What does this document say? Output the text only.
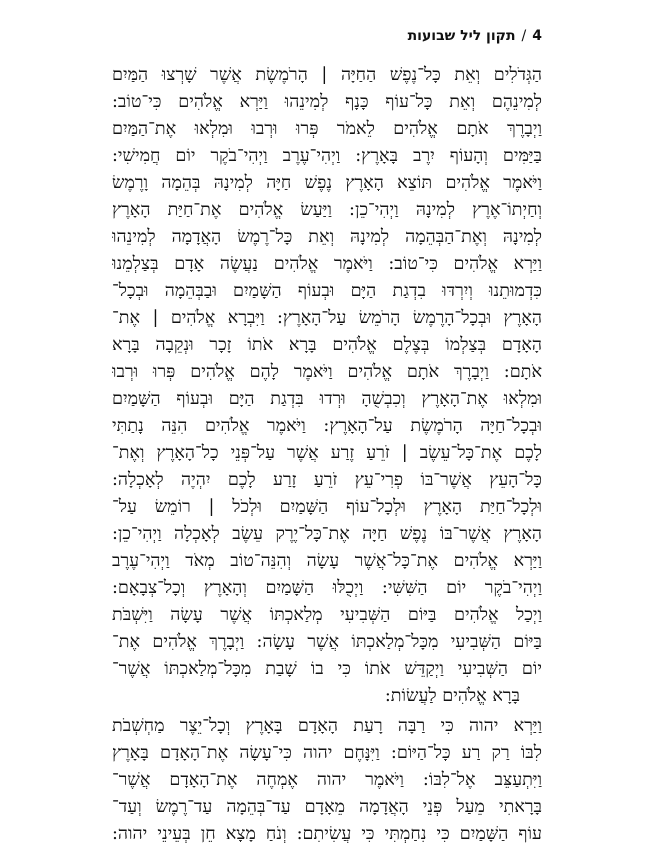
4
/
תקון ליל שבועות
הַגְּדֹלִים וְאֵת כָּל־נֶפֶשׁ הַחַיָּה | הָרֹמֶשֶׂת אֲשֶׁר שָׁרְצוּ הַמַּיִם
לְמִינֵהֶם וְאֵת כָּל־עוֹף כָּנָף לְמִינֵהוּ וַיַּרְא אֱלֹהִים כִּי־טוֹב:
וַיְבָרֶךְ אֹתָם אֱלֹהִים לֵאמֹר פְּרוּ וּרְבוּ וּמִלְאוּ אֶת־הַמַּיִם
בַּיַּמִּים וְהָעוֹף יִרֶב בָּאָרֶץ: וַיְהִי־עֶרֶב וַיְהִי־בֹקֶר יוֹם חֲמִישִׁי:
וַיֹּאמֶר אֱלֹהִים תּוֹצֵא הָאָרֶץ נֶפֶשׁ חַיָּה לְמִינָהּ בְּהֵמָה וָרֶמֶשׂ
וְחַיְתוֹ־אֶרֶץ לְמִינָהּ וַיְהִי־כֵן: וַיַּעַשׂ אֱלֹהִים אֶת־חַיַּת הָאָרֶץ
לְמִינָהּ וְאֶת־הַבְּהֵמָה לְמִינָהּ וְאֵת כָּל־רֶמֶשׂ הָאֲדָמָה לְמִינֵהוּ
וַיַּרְא אֱלֹהִים כִּי־טוֹב: וַיֹּאמֶר אֱלֹהִים נַעֲשֶׂה אָדָם בְּצַלְמֵנוּ
כִּדְמוּתֵנוּ וְיִרְדּוּ בִדְגַת הַיָּם וּבְעוֹף הַשָּׁמַיִם וּבַבְּהֵמָה וּבְכָל־
הָאָרֶץ וּבְכָל־הָרֶמֶשׂ הָרֹמֵשׂ עַל־הָאָרֶץ: וַיִּבְרָא אֱלֹהִים | אֶת־
הָאָדָם בְּצַלְמוֹ בְּצֶלֶם אֱלֹהִים בָּרָא אֹתוֹ זָכָר וּנְקֵבָה בָּרָא
אֹתָם: וַיְבָרֶךְ אֹתָם אֱלֹהִים וַיֹּאמֶר לָהֶם אֱלֹהִים פְּרוּ וּרְבוּ
וּמִלְאוּ אֶת־הָאָרֶץ וְכִבְשֻׁהָ וּרְדוּ בִּדְגַת הַיָּם וּבְעוֹף הַשָּׁמַיִם
וּבְכָל־חַיָּה הָרֹמֶשֶׂת עַל־הָאָרֶץ: וַיֹּאמֶר אֱלֹהִים הִנֵּה נָתַתִּי
לָכֶם אֶת־כָּל־עֵשֶׂב | זֹרֵעַ זֶרַע אֲשֶׁר עַל־פְּנֵי כָל־הָאָרֶץ וְאֶת־
כָּל־הָעֵץ אֲשֶׁר־בּוֹ פְרִי־עֵץ זֹרֵעַ זָרַע לָכֶם יִהְיֶה לְאָכְלָה:
וּלְכָל־חַיַּת הָאָרֶץ וּלְכָל־עוֹף הַשָּׁמַיִם וּלְכֹל | רוֹמֵשׂ עַל־
הָאָרֶץ אֲשֶׁר־בּוֹ נֶפֶשׁ חַיָּה אֶת־כָּל־יֶרֶק עֵשֶׂב לְאָכְלָה וַיְהִי־כֵן:
וַיַּרְא אֱלֹהִים אֶת־כָּל־אֲשֶׁר עָשָׂה וְהִנֵּה־טוֹב מְאֹד וַיְהִי־עֶרֶב
וַיְהִי־בֹקֶר יוֹם הַשִּׁשִּׁי: וַיְכֻלּוּ הַשָּׁמַיִם וְהָאָרֶץ וְכָל־צְבָאָם:
וַיְכַל אֱלֹהִים בַּיּוֹם הַשְּׁבִיעִי מְלַאכְתּוֹ אֲשֶׁר עָשָׂה וַיִּשְׁבֹּת
בַּיּוֹם הַשְּׁבִיעִי מִכָּל־מְלַאכְתּוֹ אֲשֶׁר עָשָׂה: וַיְבָרֶךְ אֱלֹהִים אֶת־
יוֹם הַשְּׁבִיעִי וַיְקַדֵּשׁ אֹתוֹ כִּי בוֹ שָׁבַת מִכָּל־מְלַאכְתּוֹ אֲשֶׁר־
בָּרָא אֱלֹהִים לַעֲשׂוֹת:
וַיַּרְא יהוה כִּי רַבָּה רָעַת הָאָדָם בָּאָרֶץ וְכָל־יֵצֶר מַחְשְׁבֹת
לִבּוֹ רַק רַע כָּל־הַיּוֹם: וַיִּנָּחֶם יהוה כִּי־עָשָׂה אֶת־הָאָדָם בָּאָרֶץ
וַיִּתְעַצֵּב אֶל־לִבּוֹ: וַיֹּאמֶר יהוה אֶמְחֶה אֶת־הָאָדָם אֲשֶׁר־
בָּרָאתִי מֵעַל פְּנֵי הָאֲדָמָה מֵאָדָם עַד־בְּהֵמָה עַד־רֶמֶשׂ וְעַד־
עוֹף הַשָּׁמַיִם כִּי נִחַמְתִּי כִּי עֲשִׂיתִם: וְנֹחַ מָצָא חֵן בְּעֵינֵי יהוה:
